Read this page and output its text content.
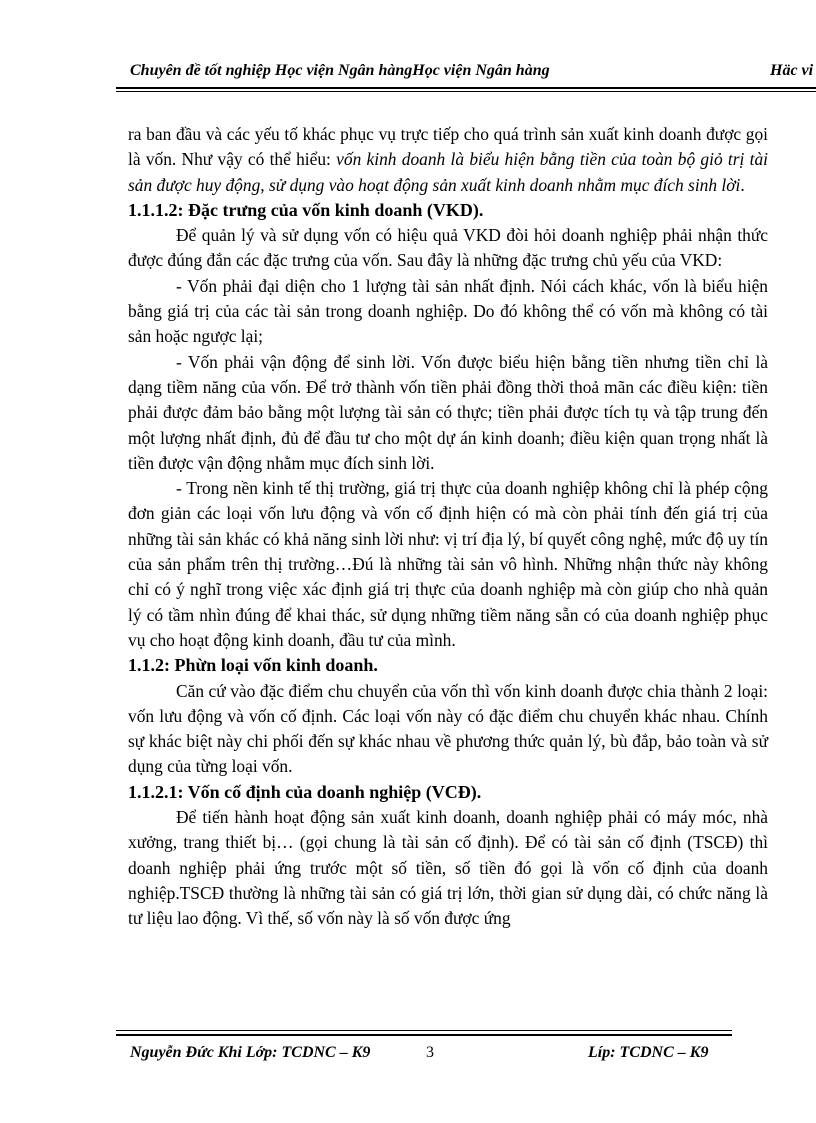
Chuyên đề tốt nghiệp Học viện Ngân hàngHọc viện Ngân hàng	Häc vi

ra ban đầu và các yếu tố khác phục vụ trực tiếp cho quá trình sản xuất kinh doanh được gọi là vốn. Như vậy có thể hiểu: vốn kinh doanh là biểu hiện bằng tiền của toàn bộ giỏ trị tài sản được huy động, sử dụng vào hoạt động sản xuất kinh doanh nhằm mục đích sinh lời.

1.1.1.2: Đặc trưng của vốn kinh doanh (VKD).

Để quản lý và sử dụng vốn có hiệu quả VKD đòi hỏi doanh nghiệp phải nhận thức được đúng đắn các đặc trưng của vốn. Sau đây là những đặc trưng chủ yếu của VKD:

- Vốn phải đại diện cho 1 lượng tài sản nhất định. Nói cách khác, vốn là biểu hiện bằng giá trị của các tài sản trong doanh nghiệp. Do đó không thể có vốn mà không có tài sản hoặc ngược lại;

- Vốn phải vận động để sinh lời. Vốn được biểu hiện bằng tiền nhưng tiền chỉ là dạng tiềm năng của vốn. Để trở thành vốn tiền phải đồng thời thoả mãn các điều kiện: tiền phải được đảm bảo bằng một lượng tài sản có thực; tiền phải được tích tụ và tập trung đến một lượng nhất định, đủ để đầu tư cho một dự án kinh doanh; điều kiện quan trọng nhất là tiền được vận động nhằm mục đích sinh lời.

- Trong nền kinh tế thị trường, giá trị thực của doanh nghiệp không chỉ là phép cộng đơn giản các loại vốn lưu động và vốn cố định hiện có mà còn phải tính đến giá trị của những tài sản khác có khả năng sinh lời như: vị trí địa lý, bí quyết công nghệ, mức độ uy tín của sản phẩm trên thị trường…Đú là những tài sản vô hình. Những nhận thức này không chỉ có ý nghĩ trong việc xác định giá trị thực của doanh nghiệp mà còn giúp cho nhà quản lý có tầm nhìn đúng để khai thác, sử dụng những tiềm năng sẵn có của doanh nghiệp phục vụ cho hoạt động kinh doanh, đầu tư của mình.

1.1.2: Phừn loại vốn kinh doanh.

Căn cứ vào đặc điểm chu chuyển của vốn thì vốn kinh doanh được chia thành 2 loại: vốn lưu động và vốn cố định. Các loại vốn này có đặc điểm chu chuyển khác nhau. Chính sự khác biệt này chi phối đến sự khác nhau về phương thức quản lý, bù đắp, bảo toàn và sử dụng của từng loại vốn.

1.1.2.1: Vốn cố định của doanh nghiệp (VCĐ).

Để tiến hành hoạt động sản xuất kinh doanh, doanh nghiệp phải có máy móc, nhà xưởng, trang thiết bị… (gọi chung là tài sản cố định). Để có tài sản cố định (TSCĐ) thì doanh nghiệp phải ứng trước một số tiền, số tiền đó gọi là vốn cố định của doanh nghiệp.TSCĐ thường là những tài sản có giá trị lớn, thời gian sử dụng dài, có chức năng là tư liệu lao động. Vì thế, số vốn này là số vốn được ứng

Nguyễn Đức Khi Lớp: TCDNC – K9	3	Líp: TCDNC – K9
